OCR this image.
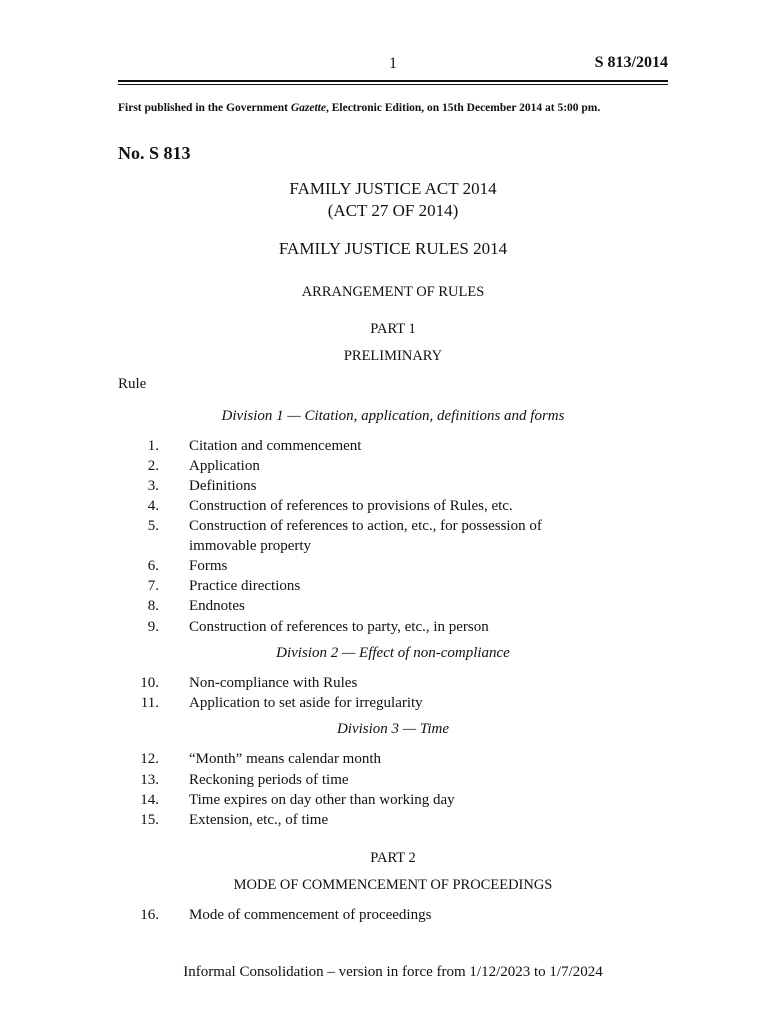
1	S 813/2014
First published in the Government Gazette, Electronic Edition, on 15th December 2014 at 5:00 pm.
No. S 813
FAMILY JUSTICE ACT 2014
(ACT 27 OF 2014)
FAMILY JUSTICE RULES 2014
ARRANGEMENT OF RULES
PART 1
PRELIMINARY
Rule
Division 1 — Citation, application, definitions and forms
1. Citation and commencement
2. Application
3. Definitions
4. Construction of references to provisions of Rules, etc.
5. Construction of references to action, etc., for possession of
immovable property
6. Forms
7. Practice directions
8. Endnotes
9. Construction of references to party, etc., in person
Division 2 — Effect of non-compliance
10. Non-compliance with Rules
11. Application to set aside for irregularity
Division 3 — Time
12. “Month” means calendar month
13. Reckoning periods of time
14. Time expires on day other than working day
15. Extension, etc., of time
PART 2
MODE OF COMMENCEMENT OF PROCEEDINGS
16. Mode of commencement of proceedings
Informal Consolidation – version in force from 1/12/2023 to 1/7/2024
